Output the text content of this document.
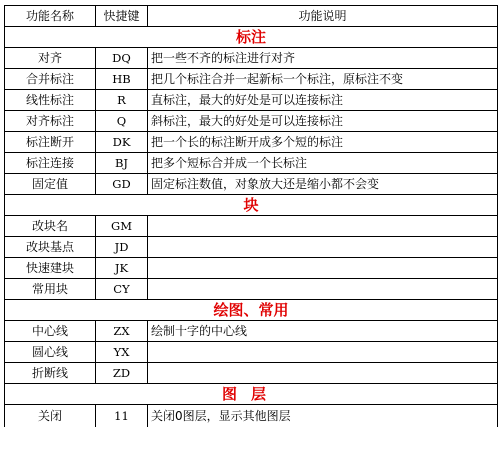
功能名称	快捷键	功能说明
标注		
对齐	DQ	把一些不齐的标注进行对齐
合并标注	HB	把几个标注合并一起新标一个标注，原标注不变
线性标注	R	直标注，最大的好处是可以连接标注
对齐标注	Q	斜标注，最大的好处是可以连接标注
标注断开	DK	把一个长的标注断开成多个短的标注
标注连接	BJ	把多个短标合并成一个长标注
固定值	GD	固定标注数值，对象放大还是缩小都不会变
块		
改块名	GM	
改块基点	JD	
快速建块	JK	
常用块	CY	
绘图、常用		
中心线	ZX	绘制十字的中心线
圆心线	YX	
折断线	ZD	
图层		
关闭	11	关闭0图层，显示其他图层
